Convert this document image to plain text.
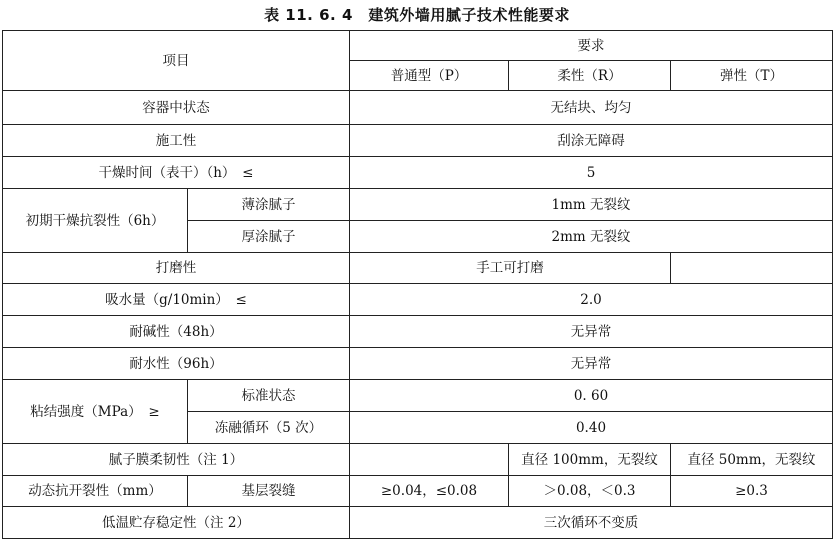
表 11. 6. 4　建筑外墙用腻子技术性能要求
项目		要求		
		普通型（P）	柔性（R）	弹性（T）
容器中状态		无结块、均匀		
施工性		刮涂无障碍		
干燥时间（表干）（h）　≤		5		
初期干燥抗裂性（6h）	薄涂腻子	1mm 无裂纹		
	厚涂腻子	2mm 无裂纹		
打磨性		手工可打磨		
吸水量（g/10min）　≤		2.0		
耐碱性（48h）		无异常		
耐水性（96h）		无异常		
粘结强度（MPa）　≥	标准状态	0. 60		
	冻融循环（5 次）	0.40		
腻子膜柔韧性（注 1）			直径 100mm，无裂纹	直径 50mm，无裂纹
动态抗开裂性（mm）	基层裂缝	≥0.04，≤0.08	＞0.08，＜0.3	≥0.3
低温贮存稳定性（注 2）		三次循环不变质		
